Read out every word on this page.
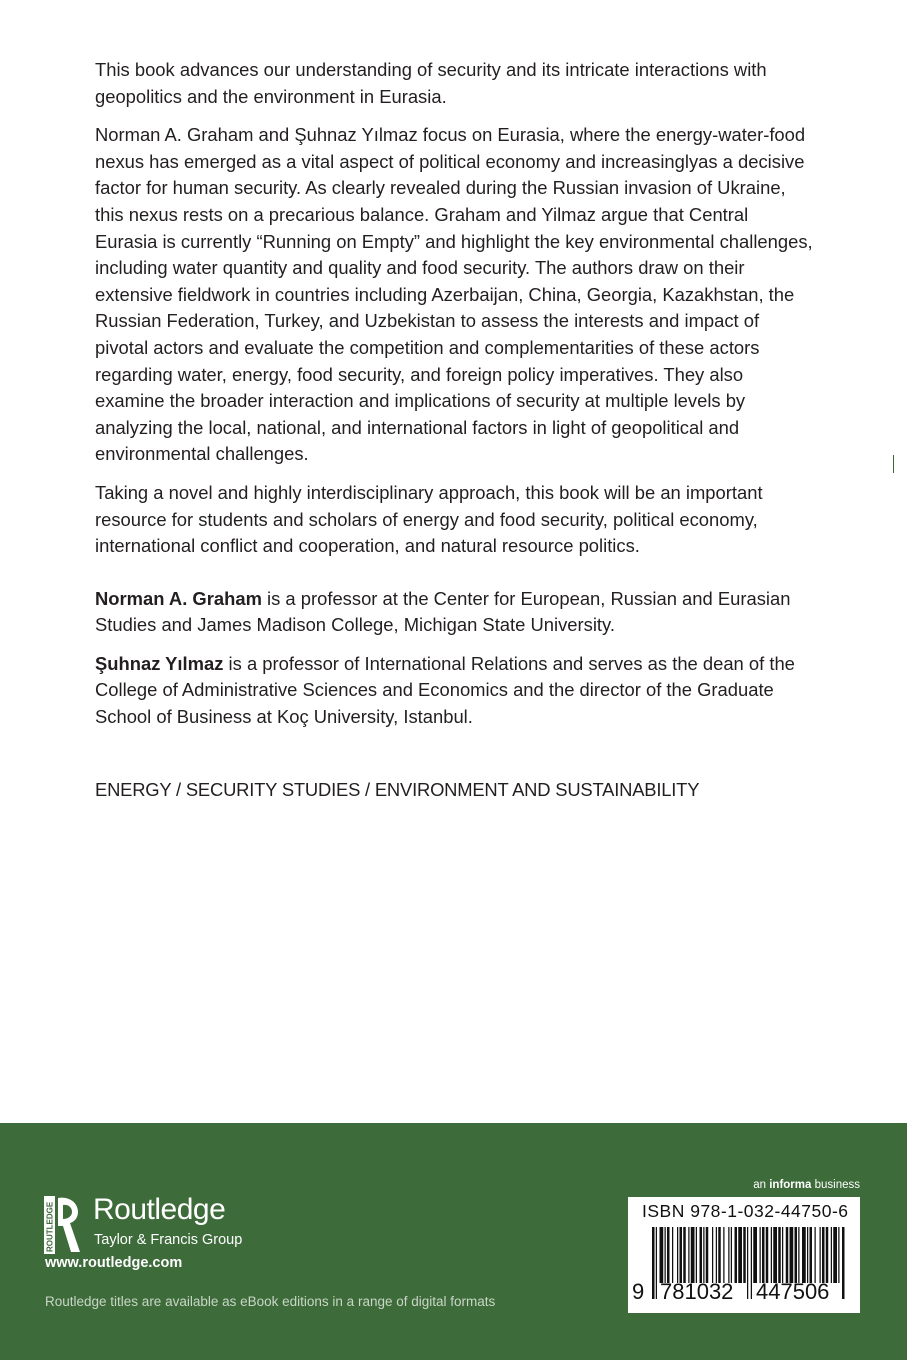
This book advances our understanding of security and its intricate interactions with geopolitics and the environment in Eurasia.

Norman A. Graham and Şuhnaz Yılmaz focus on Eurasia, where the energy-water-food nexus has emerged as a vital aspect of political economy and increasinglyas a decisive factor for human security. As clearly revealed during the Russian invasion of Ukraine, this nexus rests on a precarious balance. Graham and Yilmaz argue that Central Eurasia is currently “Running on Empty” and highlight the key environmental challenges, including water quantity and quality and food security. The authors draw on their extensive fieldwork in countries including Azerbaijan, China, Georgia, Kazakhstan, the Russian Federation, Turkey, and Uzbekistan to assess the interests and impact of pivotal actors and evaluate the competition and complementarities of these actors regarding water, energy, food security, and foreign policy imperatives. They also examine the broader interaction and implications of security at multiple levels by analyzing the local, national, and international factors in light of geopolitical and environmental challenges.

Taking a novel and highly interdisciplinary approach, this book will be an important resource for students and scholars of energy and food security, political economy, international conflict and cooperation, and natural resource politics.

Norman A. Graham is a professor at the Center for European, Russian and Eurasian Studies and James Madison College, Michigan State University.
Şuhnaz Yılmaz is a professor of International Relations and serves as the dean of the College of Administrative Sciences and Economics and the director of the Graduate School of Business at Koç University, Istanbul.
ENERGY / SECURITY STUDIES / ENVIRONMENT AND SUSTAINABILITY
ROUTLEDGE Routledge
Taylor & Francis Group
www.routledge.com
Routledge titles are available as eBook editions in a range of digital formats
an informa business
ISBN 978-1-032-44750-6
9 781032 447506
